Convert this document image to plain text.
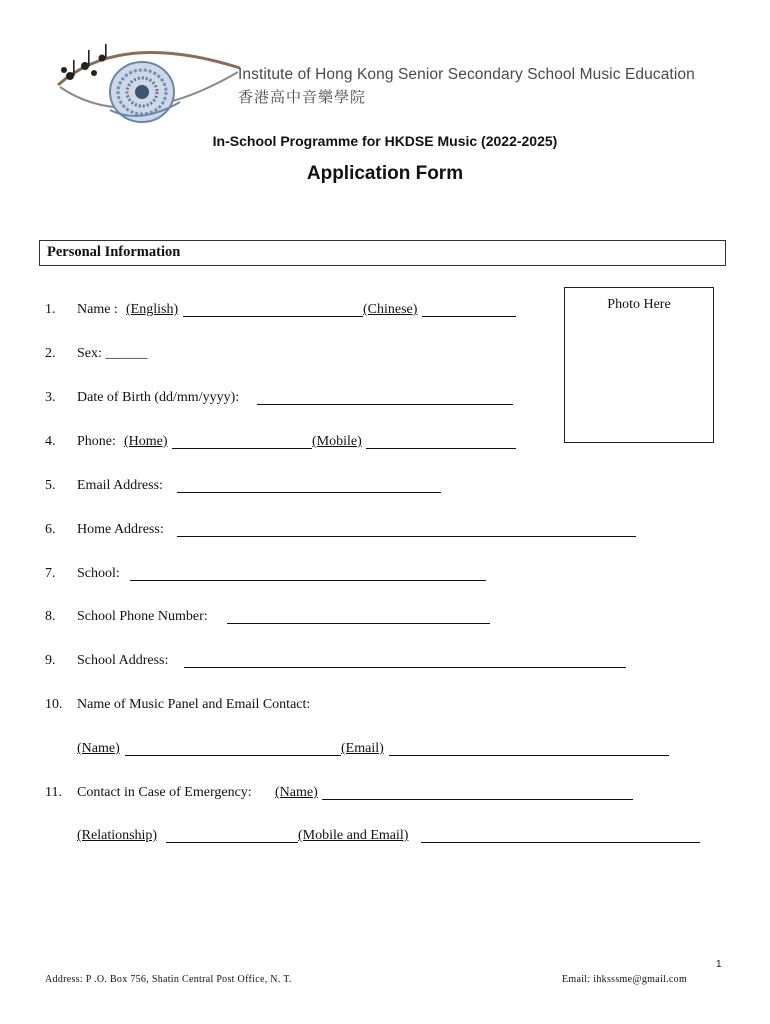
Institute of Hong Kong Senior Secondary School Music Education
香港高中音樂學院
In-School Programme for HKDSE Music (2022-2025)
Application Form
Personal Information
Photo Here
1. Name : (English)	(Chinese)
2. Sex: ______
3. Date of Birth (dd/mm/yyyy):
4. Phone: (Home)	(Mobile)
5. Email Address:
6. Home Address:
7. School:
8. School Phone Number:
9. School Address:
10. Name of Music Panel and Email Contact:
(Name)	(Email)
11. Contact in Case of Emergency: (Name)
(Relationship)	(Mobile and Email)
1
Address: P .O. Box 756, Shatin Central Post Office, N. T.	Email: ihksssme@gmail.com
